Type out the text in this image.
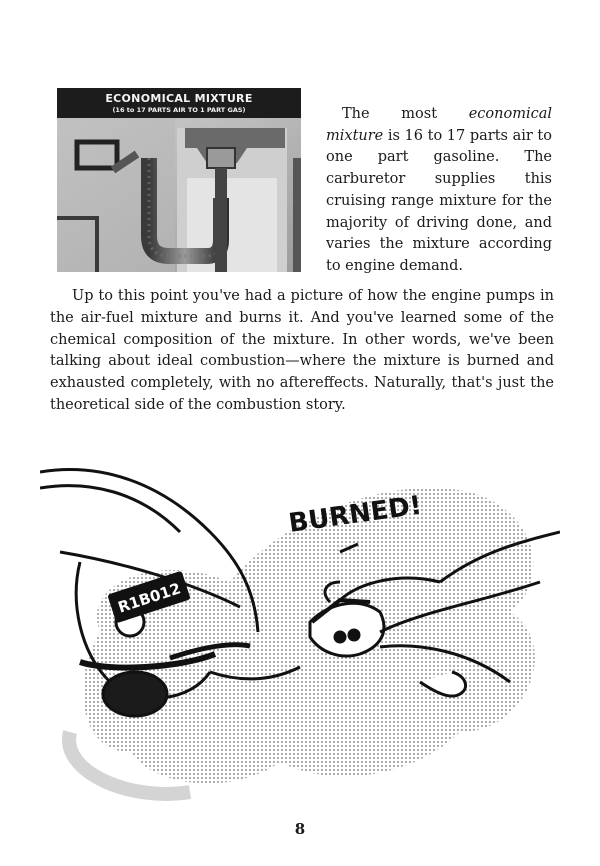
ECONOMICAL MIXTURE
(16 to 17 PARTS AIR TO 1 PART GAS)	The most economical mixture is 16 to 17 parts air to one part gasoline. The carburetor supplies this cruising range mixture for the majority of driving done, and varies the mixture according to engine demand.

Up to this point you've had a picture of how the engine pumps in the air-fuel mixture and burns it. And you've learned some of the chemical composition of the mixture. In other words, we've been talking about ideal combustion—where the mixture is burned and exhausted completely, with no aftereffects. Naturally, that's just the theoretical side of the combustion story.

R1B012
BURNED!
8
